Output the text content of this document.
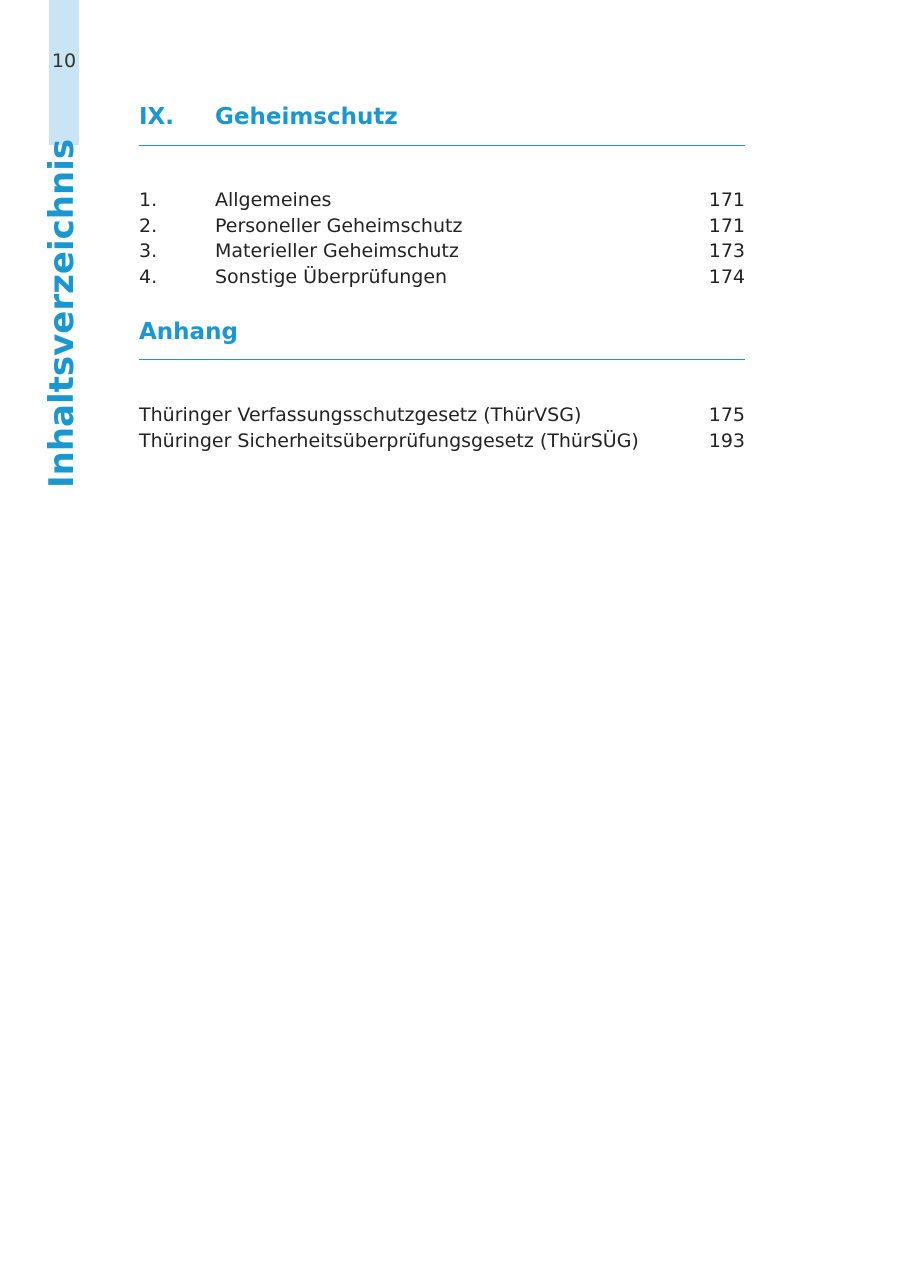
10
Inhaltsverzeichnis
IX. Geheimschutz
1.	Allgemeines	171
2.	Personeller Geheimschutz	171
3.	Materieller Geheimschutz	173
4.	Sonstige Überprüfungen	174
Anhang
Thüringer Verfassungsschutzgesetz (ThürVSG)	175
Thüringer Sicherheitsüberprüfungsgesetz (ThürSÜG)	193
